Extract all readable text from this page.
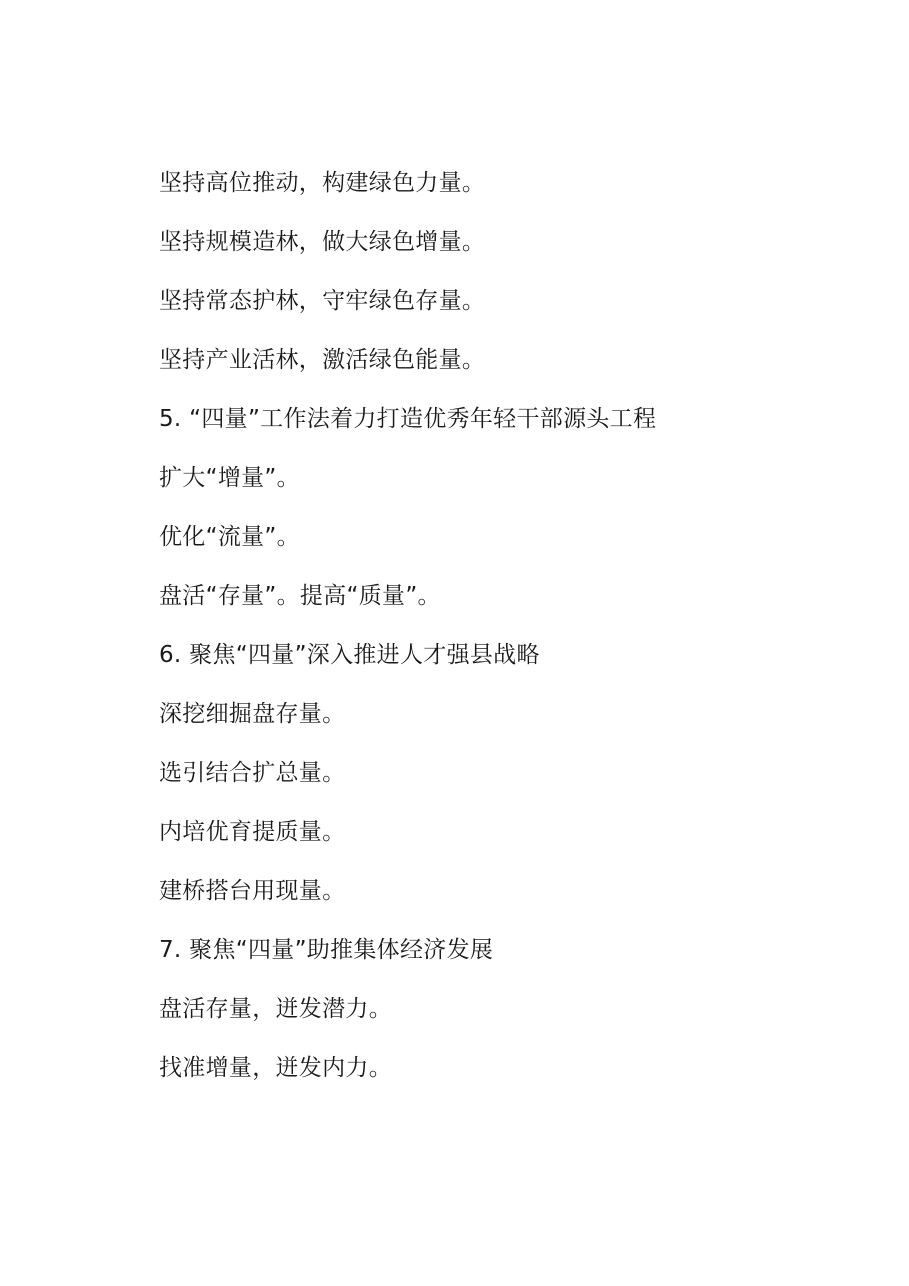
坚持高位推动，构建绿色力量。
坚持规模造林，做大绿色增量。
坚持常态护林，守牢绿色存量。
坚持产业活林，激活绿色能量。
5. “四量”工作法着力打造优秀年轻干部源头工程
扩大“增量”。
优化“流量”。
盘活“存量”。提高“质量”。
6. 聚焦“四量”深入推进人才强县战略
深挖细掘盘存量。
选引结合扩总量。
内培优育提质量。
建桥搭台用现量。
7. 聚焦“四量”助推集体经济发展
盘活存量，迸发潜力。
找准增量，迸发内力。
